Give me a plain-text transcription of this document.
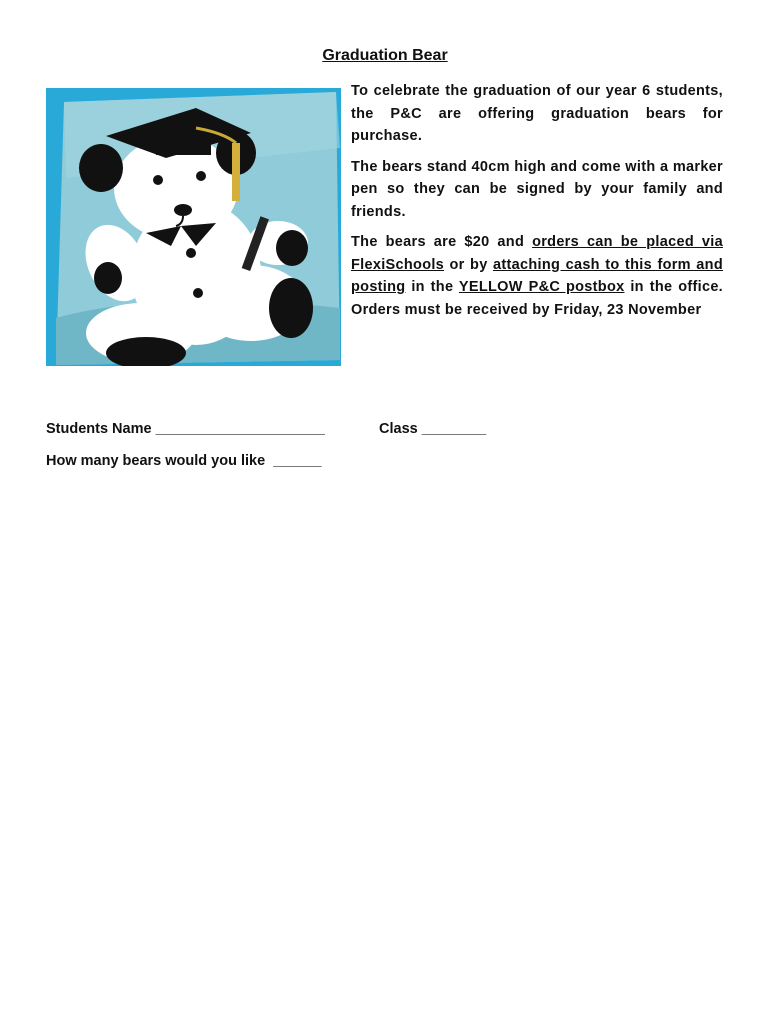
Graduation Bear

To celebrate the graduation of our year 6 students, the P&C are offering graduation bears for purchase.

The bears stand 40cm high and come with a marker pen so they can be signed by your family and friends.

The bears are $20 and orders can be placed via FlexiSchools or by attaching cash to this form and posting in the YELLOW P&C postbox in the office. Orders must be received by Friday, 23 November

Students Name _____________________	Class ________
How many bears would you like  ______
